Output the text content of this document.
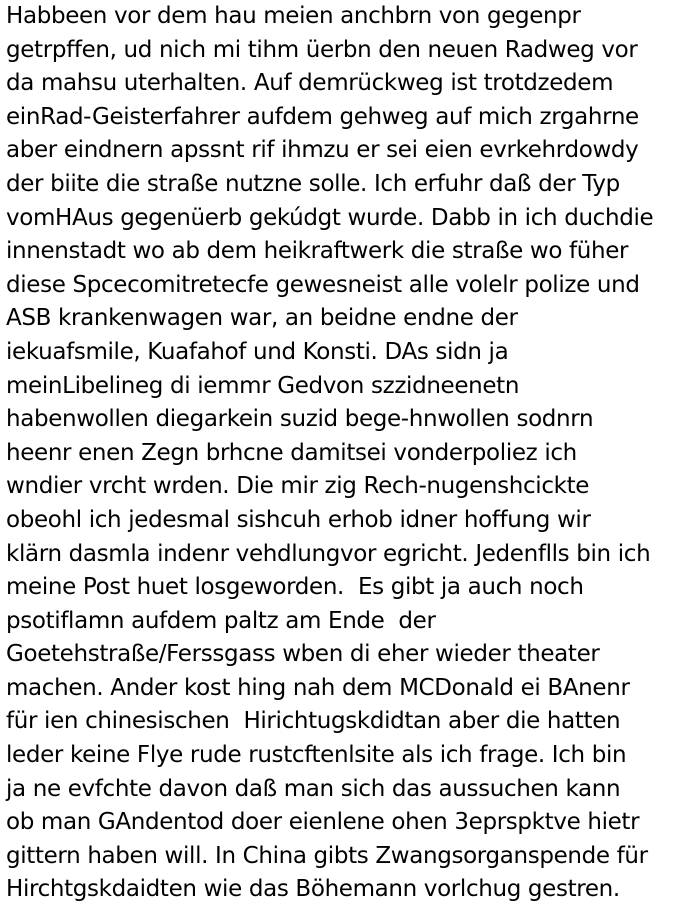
Habbeen vor dem hau meien anchbrn von gegenpr
getrpffen, ud nich mi tihm üerbn den neuen Radweg vor
da mahsu uterhalten. Auf demrückweg ist trotdzedem
einRad-Geisterfahrer aufdem gehweg auf mich zrgahrne
aber eindnern apssnt rif ihmzu er sei eien evrkehrdowdy
der biite die straße nutzne solle. Ich erfuhr daß der Typ
vomHAus gegenüerb gekúdgt wurde. Dabb in ich duchdie
innenstadt wo ab dem heikraftwerk die straße wo füher
diese Spcecomitretecfe gewesneist alle volelr polize und
ASB krankenwagen war, an beidne endne der
iekuafsmile, Kuafahof und Konsti. DAs sidn ja
meinLibelineg di iemmr Gedvon szzidneenetn
habenwollen diegarkein suzid bege-hnwollen sodnrn
heenr enen Zegn brhcne damitsei vonderpoliez ich
wndier vrcht wrden. Die mir zig Rech-nugenshcickte
obeohl ich jedesmal sishcuh erhob idner hoffung wir
klärn dasmla indenr vehdlungvor egricht. Jedenflls bin ich
meine Post huet losgeworden.  Es gibt ja auch noch
psotiflamn aufdem paltz am Ende  der
Goetehstraße/Ferssgass wben di eher wieder theater
machen. Ander kost hing nah dem MCDonald ei BAnenr
für ien chinesischen  Hirichtugskdidtan aber die hatten
leder keine Flye rude rustcftenlsite als ich frage. Ich bin
ja ne evfchte davon daß man sich das aussuchen kann
ob man GAndentod doer eienlene ohen 3eprspktve hietr
gittern haben will. In China gibts Zwangsorganspende für
Hirchtgskdaidten wie das Böhemann vorlchug gestren.
